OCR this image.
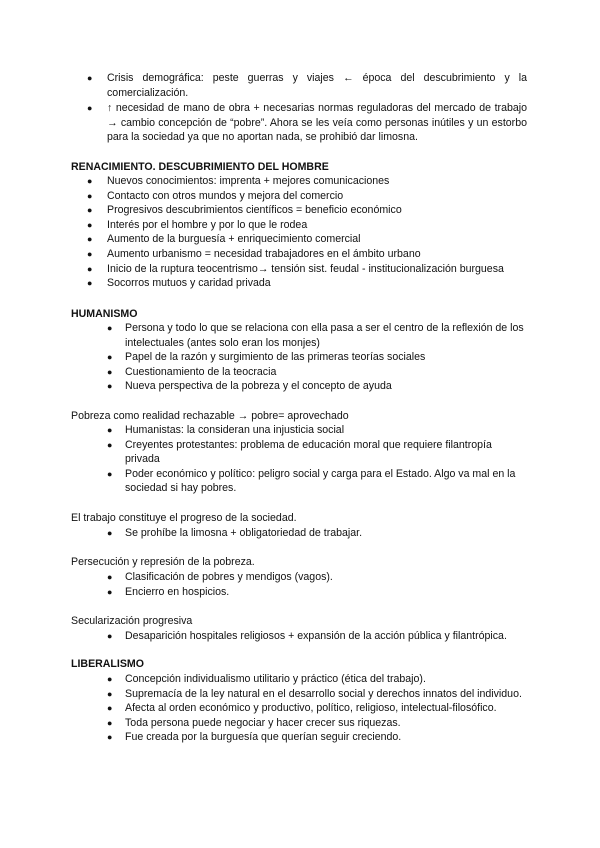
●	Crisis demográfica: peste guerras y viajes ← época del descubrimiento y la comercialización.
●	↑ necesidad de mano de obra + necesarias normas reguladoras del mercado de trabajo → cambio concepción de “pobre”. Ahora se les veía como personas inútiles y un estorbo para la sociedad ya que no aportan nada, se prohibió dar limosna.
RENACIMIENTO. DESCUBRIMIENTO DEL HOMBRE
●	Nuevos conocimientos: imprenta + mejores comunicaciones
●	Contacto con otros mundos y mejora del comercio
●	Progresivos descubrimientos científicos = beneficio económico
●	Interés por el hombre y por lo que le rodea
●	Aumento de la burguesía + enriquecimiento comercial
●	Aumento urbanismo = necesidad trabajadores en el ámbito urbano
●	Inicio de la ruptura teocentrismo→ tensión sist. feudal - institucionalización burguesa
●	Socorros mutuos y caridad privada
HUMANISMO
●	Persona y todo lo que se relaciona con ella pasa a ser el centro de la reflexión de los intelectuales (antes solo eran los monjes)
●	Papel de la razón y surgimiento de las primeras teorías sociales
●	Cuestionamiento de la teocracia
●	Nueva perspectiva de la pobreza y el concepto de ayuda
Pobreza como realidad rechazable → pobre= aprovechado
●	Humanistas: la consideran una injusticia social
●	Creyentes protestantes: problema de educación moral que requiere filantropía privada
●	Poder económico y político: peligro social y carga para el Estado. Algo va mal en la sociedad si hay pobres.
El trabajo constituye el progreso de la sociedad.
●	Se prohíbe la limosna + obligatoriedad de trabajar.
Persecución y represión de la pobreza.
●	Clasificación de pobres y mendigos (vagos).
●	Encierro en hospicios.
Secularización progresiva
●	Desaparición hospitales religiosos + expansión de la acción pública y filantrópica.
LIBERALISMO
●	Concepción individualismo utilitario y práctico (ética del trabajo).
●	Supremacía de la ley natural en el desarrollo social y derechos innatos del individuo.
●	Afecta al orden económico y productivo, político, religioso, intelectual-filosófico.
●	Toda persona puede negociar y hacer crecer sus riquezas.
●	Fue creada por la burguesía que querían seguir creciendo.
